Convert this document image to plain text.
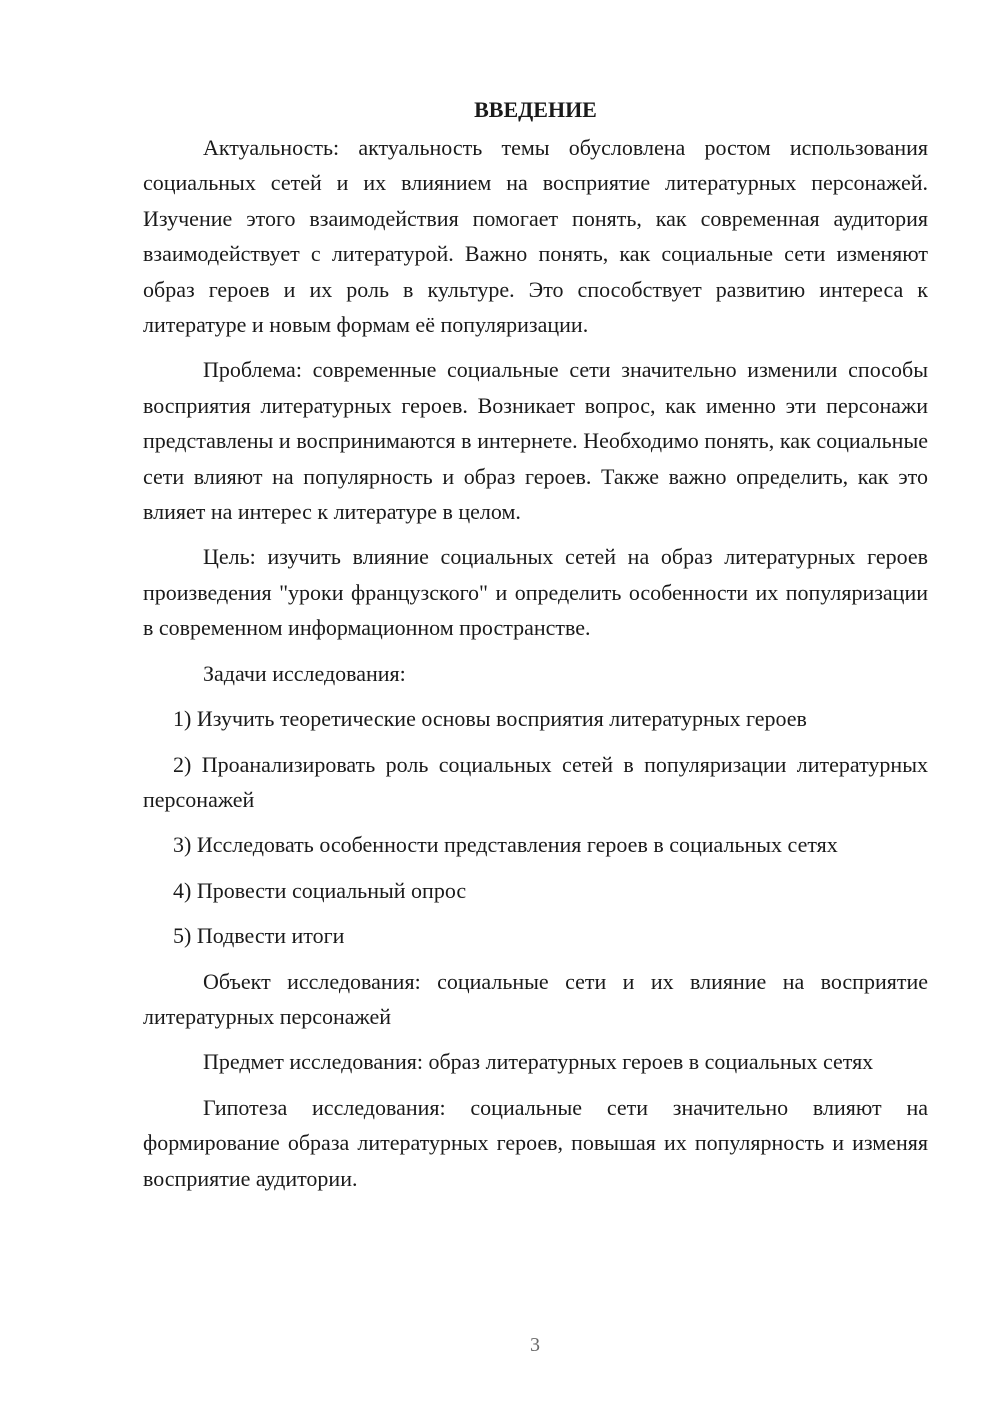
ВВЕДЕНИЕ

Актуальность: актуальность темы обусловлена ростом использования социальных сетей и их влиянием на восприятие литературных персонажей. Изучение этого взаимодействия помогает понять, как современная аудитория взаимодействует с литературой. Важно понять, как социальные сети изменяют образ героев и их роль в культуре. Это способствует развитию интереса к литературе и новым формам её популяризации.

Проблема: современные социальные сети значительно изменили способы восприятия литературных героев. Возникает вопрос, как именно эти персонажи представлены и воспринимаются в интернете. Необходимо понять, как социальные сети влияют на популярность и образ героев. Также важно определить, как это влияет на интерес к литературе в целом.

Цель: изучить влияние социальных сетей на образ литературных героев произведения "уроки французского" и определить особенности их популяризации в современном информационном пространстве.

Задачи исследования:

1) Изучить теоретические основы восприятия литературных героев

2) Проанализировать роль социальных сетей в популяризации литературных персонажей

3) Исследовать особенности представления героев в социальных сетях

4) Провести социальный опрос

5) Подвести итоги

Объект исследования: социальные сети и их влияние на восприятие литературных персонажей

Предмет исследования: образ литературных героев в социальных сетях

Гипотеза исследования: социальные сети значительно влияют на формирование образа литературных героев, повышая их популярность и изменяя восприятие аудитории.

3
